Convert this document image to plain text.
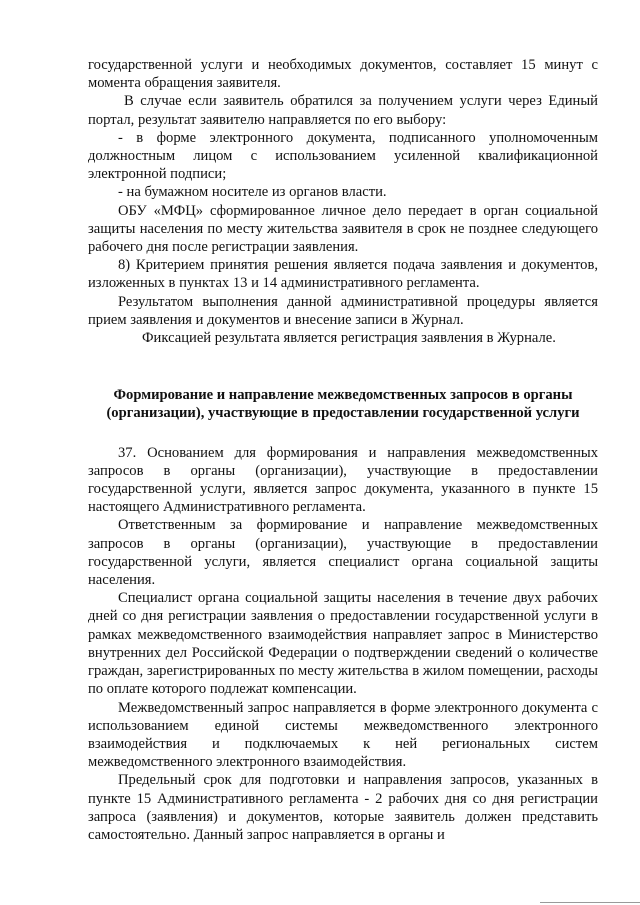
государственной услуги и необходимых документов, составляет 15 минут с момента обращения заявителя.

В случае если заявитель обратился за получением услуги через Единый портал, результат заявителю направляется по его выбору:

- в форме электронного документа, подписанного уполномоченным должностным лицом с использованием усиленной квалификационной электронной подписи;

- на бумажном носителе из органов власти.

ОБУ «МФЦ» сформированное личное дело передает в орган социальной защиты населения по месту жительства заявителя в срок не позднее следующего рабочего дня после регистрации заявления.

8) Критерием принятия решения является подача заявления и документов, изложенных в пунктах 13 и 14 административного регламента.

Результатом выполнения данной административной процедуры является прием заявления и документов и внесение записи в Журнал.

Фиксацией результата является регистрация заявления в Журнале.

Формирование и направление межведомственных запросов в органы (организации), участвующие в предоставлении государственной услуги

37. Основанием для формирования и направления межведомственных запросов в органы (организации), участвующие в предоставлении государственной услуги, является запрос документа, указанного в пункте 15 настоящего Административного регламента.

Ответственным за формирование и направление межведомственных запросов в органы (организации), участвующие в предоставлении государственной услуги, является специалист органа социальной защиты населения.

Специалист органа социальной защиты населения в течение двух рабочих дней со дня регистрации заявления о предоставлении государственной услуги в рамках межведомственного взаимодействия направляет запрос в Министерство внутренних дел Российской Федерации о подтверждении сведений о количестве граждан, зарегистрированных по месту жительства в жилом помещении, расходы по оплате которого подлежат компенсации.

Межведомственный запрос направляется в форме электронного документа с использованием единой системы межведомственного электронного взаимодействия и подключаемых к ней региональных систем межведомственного электронного взаимодействия.

Предельный срок для подготовки и направления запросов, указанных в пункте 15 Административного регламента - 2 рабочих дня со дня регистрации запроса (заявления) и документов, которые заявитель должен представить самостоятельно. Данный запрос направляется в органы и
